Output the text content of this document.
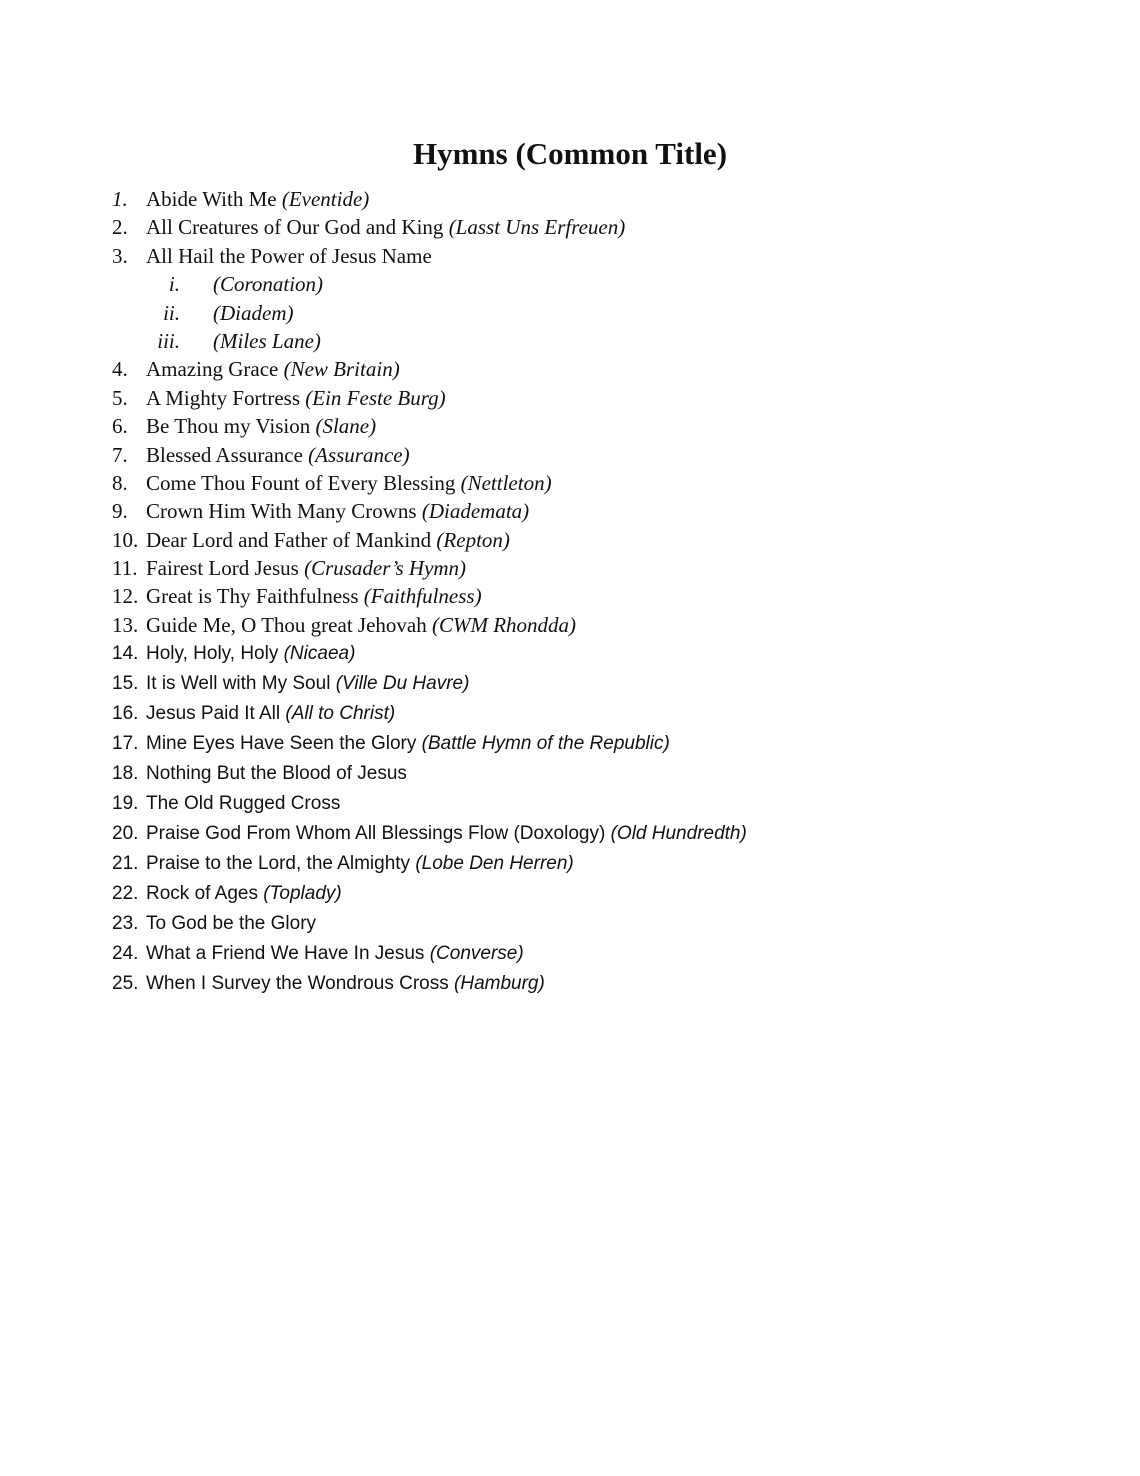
Hymns (Common Title)
1. Abide With Me (Eventide)
2. All Creatures of Our God and King (Lasst Uns Erfreuen)
3. All Hail the Power of Jesus Name
i. (Coronation)
ii. (Diadem)
iii. (Miles Lane)
4. Amazing Grace (New Britain)
5. A Mighty Fortress (Ein Feste Burg)
6. Be Thou my Vision (Slane)
7. Blessed Assurance (Assurance)
8. Come Thou Fount of Every Blessing (Nettleton)
9. Crown Him With Many Crowns (Diademata)
10. Dear Lord and Father of Mankind (Repton)
11. Fairest Lord Jesus (Crusader’s Hymn)
12. Great is Thy Faithfulness (Faithfulness)
13. Guide Me, O Thou great Jehovah (CWM Rhondda)
14. Holy, Holy, Holy (Nicaea)
15. It is Well with My Soul (Ville Du Havre)
16. Jesus Paid It All (All to Christ)
17. Mine Eyes Have Seen the Glory (Battle Hymn of the Republic)
18. Nothing But the Blood of Jesus
19. The Old Rugged Cross
20. Praise God From Whom All Blessings Flow (Doxology) (Old Hundredth)
21. Praise to the Lord, the Almighty (Lobe Den Herren)
22. Rock of Ages (Toplady)
23. To God be the Glory
24. What a Friend We Have In Jesus (Converse)
25. When I Survey the Wondrous Cross (Hamburg)
